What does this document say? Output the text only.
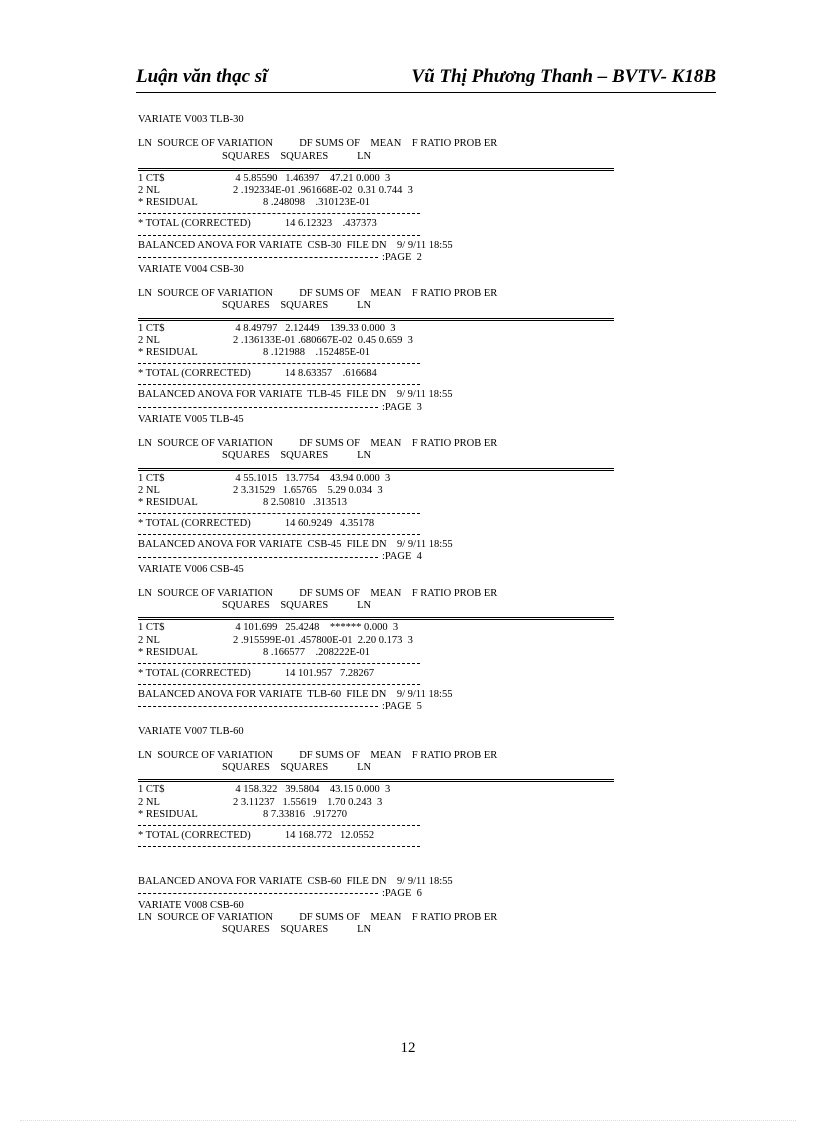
Luận văn thạc sĩ	Vũ Thị Phương Thanh – BVTV- K18B
VARIATE V003 TLB-30
LN  SOURCE OF VARIATION          DF SUMS OF    MEAN    F RATIO PROB ER
SQUARES    SQUARES           LN
1 CT$                           4 5.85590   1.46397    47.21 0.000  3
2 NL                            2 .192334E-01 .961668E-02  0.31 0.744  3
* RESIDUAL                         8 .248098    .310123E-01
* TOTAL (CORRECTED)             14 6.12323    .437373
BALANCED ANOVA FOR VARIATE  CSB-30  FILE DN    9/ 9/11 18:55
:PAGE  2
VARIATE V004 CSB-30
LN  SOURCE OF VARIATION          DF SUMS OF    MEAN    F RATIO PROB ER
SQUARES    SQUARES           LN
1 CT$                           4 8.49797   2.12449    139.33 0.000  3
2 NL                            2 .136133E-01 .680667E-02  0.45 0.659  3
* RESIDUAL                         8 .121988    .152485E-01
* TOTAL (CORRECTED)             14 8.63357    .616684
BALANCED ANOVA FOR VARIATE  TLB-45  FILE DN    9/ 9/11 18:55
:PAGE  3
VARIATE V005 TLB-45
LN  SOURCE OF VARIATION          DF SUMS OF    MEAN    F RATIO PROB ER
SQUARES    SQUARES           LN
1 CT$                           4 55.1015   13.7754    43.94 0.000  3
2 NL                            2 3.31529   1.65765    5.29 0.034  3
* RESIDUAL                         8 2.50810   .313513
* TOTAL (CORRECTED)             14 60.9249   4.35178
BALANCED ANOVA FOR VARIATE  CSB-45  FILE DN    9/ 9/11 18:55
:PAGE  4
VARIATE V006 CSB-45
LN  SOURCE OF VARIATION          DF SUMS OF    MEAN    F RATIO PROB ER
SQUARES    SQUARES           LN
1 CT$                           4 101.699   25.4248    ****** 0.000  3
2 NL                            2 .915599E-01 .457800E-01  2.20 0.173  3
* RESIDUAL                         8 .166577    .208222E-01
* TOTAL (CORRECTED)             14 101.957   7.28267
BALANCED ANOVA FOR VARIATE  TLB-60  FILE DN    9/ 9/11 18:55
:PAGE  5
VARIATE V007 TLB-60
LN  SOURCE OF VARIATION          DF SUMS OF    MEAN    F RATIO PROB ER
SQUARES    SQUARES           LN
1 CT$                           4 158.322   39.5804    43.15 0.000  3
2 NL                            2 3.11237   1.55619    1.70 0.243  3
* RESIDUAL                         8 7.33816   .917270
* TOTAL (CORRECTED)             14 168.772   12.0552
BALANCED ANOVA FOR VARIATE  CSB-60  FILE DN    9/ 9/11 18:55
:PAGE  6
VARIATE V008 CSB-60
LN  SOURCE OF VARIATION          DF SUMS OF    MEAN    F RATIO PROB ER
SQUARES    SQUARES           LN
12
